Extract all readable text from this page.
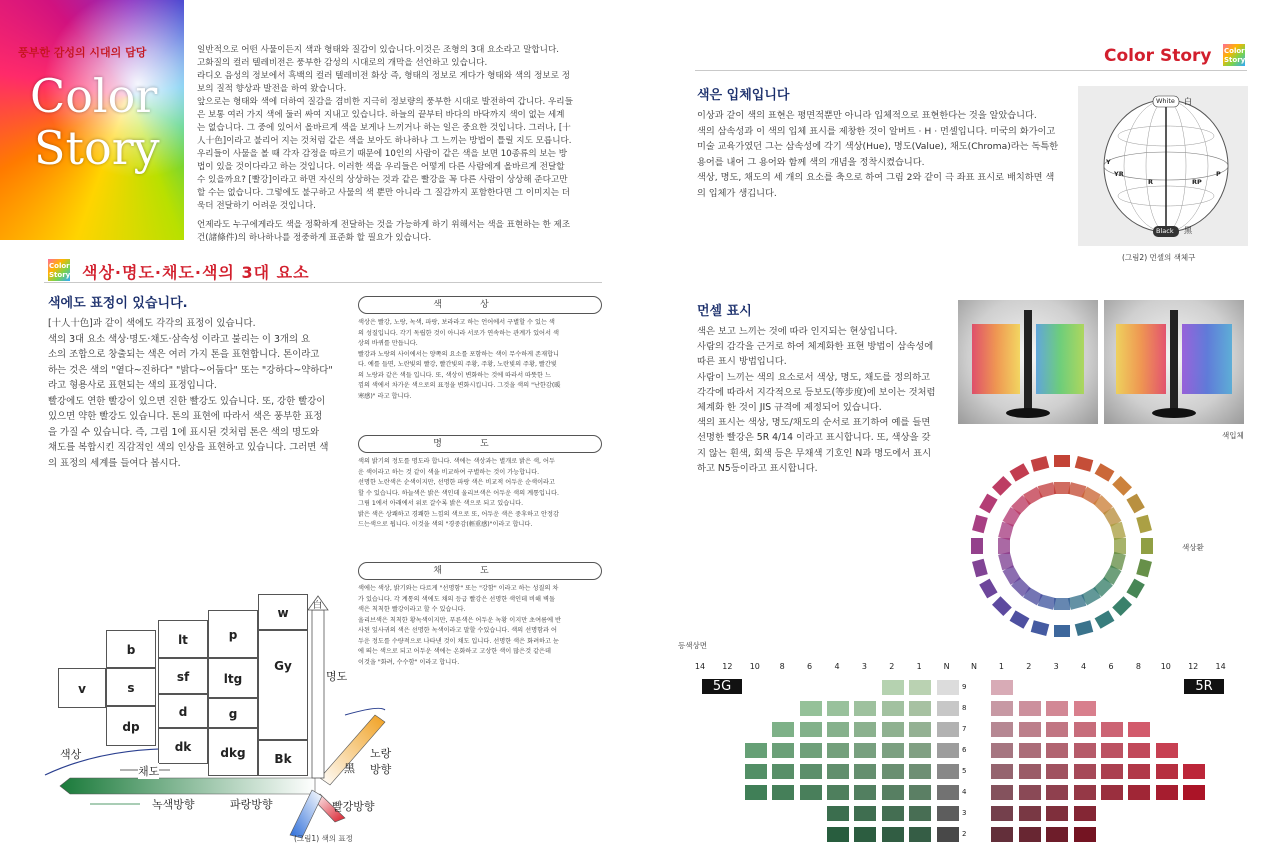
풍부한 감성의 시대의 담당
Color
Story
일반적으로 어떤 사물이든지 색과 형태와 질감이 있습니다.이것은 조형의 3대 요소라고 말합니다.
고화질의 컬러 텔레비전은 풍부한 감성의 시대로의 개막을 선언하고 있습니다.
라디오 음성의 정보에서 흑백의 컬러 텔레비전 화상 즉, 형태의 정보로 게다가 형태와 색의 정보로 정
보의 질적 향상과 발전을 하여 왔습니다.
앞으로는 형태와 색에 더하여 질감을 겸비한 지극히 정보량의 풍부한 시대로 발전하여 갑니다. 우리들
은 보통 여러 가지 색에 둘러 싸여 지내고 있습니다. 하늘의 끝부터 바다의 바닥까지 색이 없는 세계
는 없습니다. 그 중에 있어서 올바르게 색을 보게나 느끼거나 하는 일은 중요한 것입니다. 그러나, [十
人十色]이라고 불리어 지는 것처럼 같은 색을 보아도 하나하나 그 느끼는 방법이 틀릴 지도 모릅니다.
우리들이 사물을 볼 때 각자 감정을 따르기 때문에 10인의 사람이 같은 색을 보면 10종류의 보는 방
법이 있을 것이다라고 하는 것입니다. 이러한 색을 우리들은 어떻게 다른 사람에게 올바르게 전달할
수 있을까요? [빨강]이라고 하면 자신의 상상하는 것과 같은 빨강을 꼭 다른 사람이 상상해 준다고만
할 수는 없습니다. 그렇에도 불구하고 사물의 색 뿐만 아니라 그 질감까지 포함한다면 그 이미지는 더
욱더 전달하기 어려운 것입니다.
언제라도 누구에게라도 색을 정확하게 전달하는 것을 가능하게 하기 위해서는 색을 표현하는 한 제조
건(諸條件)의 하나하나를 정중하게 표준화 할 필요가 있습니다.
Color
Story 색상·명도·채도·색의 3대 요소
색에도 표정이 있습니다.
[十人十色]과 같이 색에도 각각의 표정이 있습니다.
색의 3대 요소 색상·명도·채도·삼속성 이라고 불리는 이 3개의 요
소의 조합으로 창출되는 색은 여러 가지 톤을 표현합니다. 톤이라고
하는 것은 색의 "옅다~진하다" "밝다~어둡다" 또는 "강하다~약하다"
라고 형용사로 표현되는 색의 표정입니다.
빨강에도 연한 빨강이 있으면 진한 빨강도 있습니다. 또, 강한 빨강이
있으면 약한 빨강도 있습니다. 톤의 표현에 따라서 색은 풍부한 표정
을 가질 수 있습니다. 즉, 그림 1에 표시된 것처럼 톤은 색의 명도와
채도를 복합시킨 직감적인 색의 인상을 표현하고 있습니다. 그러면 색
의 표정의 세계를 들여다 봅시다.
색상
색상은 빨강, 노랑, 녹색, 파랑, 보라라고 하는 언어에서 구별할 수 있는 색
의 성질입니다. 각기 독립한 것이 아니라 서로가 연속하는 관계가 있어서 색
상의 바퀴를 만듭니다.
빨강과 노랑의 사이에서는 양쪽의 요소를 포함하는 색이 무수하게 존재합니
다. 예를 들면, 노란빛의 빨강, 빨간빛의 주황, 주황, 노란빛의 주황, 빨간빛
의 노랑과 같은 색들 입니다. 또, 색상이 변화하는 것에 따라서 따뜻한 느
낌의 색에서 차가운 색으로의 표정을 변화시킵니다. 그것을 색의 "난한감(暖
寒感)" 라고 합니다.
명도
색의 밝기의 정도를 명도라 합니다. 색에는 색상과는 별개로 밝은 색, 어두
운 색이라고 하는 것 같이 색을 비교하여 구별하는 것이 가능합니다.
선명한 노란색은 순색이지만, 선명한 파랑 색은 비교적 어두운 순색이라고
할 수 있습니다. 하늘색은 밝은 색인데 울리브색은 어두운 색의 계통입니다.
그림 1에서 아래에서 위로 갈수록 밝은 색으로 되고 있습니다.
밝은 색은 상쾌하고 경쾌한 느낌의 색으로 또, 어두운 색은 중후하고 안정감
드는색으로 됩니다. 이것을 색의 "경중감(輕重感)"이라고 합니다.
채도
색에는 색상, 밝기와는 다르게 "선명함" 또는 "강함" 이라고 하는 성질의 차
가 있습니다. 각 계통의 색에도 채의 등급 빨강은 선명한 색인데 비해 벽돌
색은 칙칙한 빨강이라고 할 수 있습니다.
올리브색은 칙칙한 황녹색이지만, 푸른색은 어두운 녹황 이지만 초여름에 반
사된 잎사귀의 색은 선명한 녹색이라고 말할 수있습니다. 색의 선명함과 어
두운 정도를 수량적으로 나타낸 것이 채도 입니다. 선명한 색은 화려하고 눈
에 띄는 색으로 되고 어두운 색에는 온화하고 고상한 색이 많은것 같은데
이것을 "화려, 수수함" 이라고 합니다.
v
b
s
dp
lt
sf
d
dk
p
ltg
g
dkg
w
Gy
Bk
명도
白
黑
색상
채도
녹색방향	파랑방향	빨강방향
노랑방향
(그림1) 색의 표정
Color Story Color
Story
색은 입체입니다
이상과 같이 색의 표현은 평면적뿐만 아니라 입체적으로 표현한다는 것을 알았습니다.
색의 삼속성과 이 색의 입체 표시를 제창한 것이 알버트 · H · 먼셀입니다. 미국의 화가이고
미술 교육가였던 그는 삼속성에 각기 색상(Hue), 명도(Value), 채도(Chroma)라는 독특한
용어를 내어 그 용어와 함께 색의 개념을 정착시켰습니다.
색상, 명도, 채도의 세 개의 요소를 축으로 하여 그림 2와 같이 극 좌표 표시로 배치하면 색
의 입체가 생깁니다.
White 白
Black 黑
YR
R	RP
P
Y
(그림2) 먼셀의 색체구
먼셀 표시
색은 보고 느끼는 것에 따라 인지되는 현상입니다.
사람의 감각을 근거로 하여 체계화한 표현 방법이 삼속성에
따른 표시 방법입니다.
사람이 느끼는 색의 요소로서 색상, 명도, 채도를 정의하고
각각에 따라서 지각적으로 등보도(等步度)에 보이는 것처럼
체계화 한 것이 JIS 규격에 제정되어 있습니다.
색의 표시는 색상, 명도/채도의 순서로 표기하여 예를 들면
선명한 빨강은 5R 4/14 이라고 표시합니다. 또, 색상을 갖
지 않는 흰색, 회색 등은 무채색 기호인 N과 명도에서 표시
하고 N5등이라고 표시합니다.
색입체
색상환
등색상면
14	12	10	8	6	4	3	2	1	N	N	1	2	3	4	6	8	10	12	14
5G	5R
9
8
7
6
5
4
3
2
